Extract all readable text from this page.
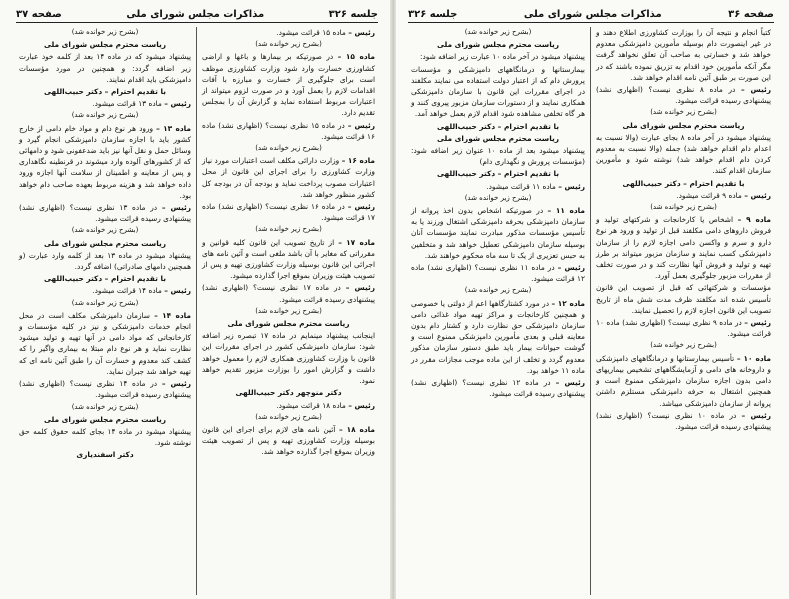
صفحه ۳۷	مذاکرات مجلس شورای ملی	جلسه ۳۲۶
رئیس – ماده ۱۵ قرائت میشود.
(بشرح زیر خوانده شد)
ماده ۱۵ – در صورتیکه بر بیمارها و باغها و اراضی کشاورزی خسارت وارد شود وزارت کشاورزی موظف است برای جلوگیری از خسارت و مبارزه با آفات اقدامات لازم را بعمل آورد و در صورت لزوم میتواند از اعتبارات مربوط استفاده نماید و گزارش آن را بمجلس تقدیم دارد.
رئیس – در ماده ۱۵ نظری نیست؟ (اظهاری نشد) ماده ۱۶ قرائت میشود.
(بشرح زیر خوانده شد)
ماده ۱۶ – وزارت دارائی مکلف است اعتبارات مورد نیاز وزارت کشاورزی را برای اجرای این قانون از محل اعتبارات مصوب پرداخت نماید و بودجه آن در بودجه کل کشور منظور خواهد شد.
رئیس – در ماده ۱۶ نظری نیست؟ (اظهاری نشد) ماده ۱۷ قرائت میشود.
(بشرح زیر خوانده شد)
ماده ۱۷ – از تاریخ تصویب این قانون کلیه قوانین و مقرراتی که مغایر با آن باشد ملغی است و آئین نامه های اجرائی این قانون بوسیله وزارت کشاورزی تهیه و پس از تصویب هیئت وزیران بموقع اجرا گذارده میشود.
رئیس – در ماده ۱۷ نظری نیست؟ (اظهاری نشد) پیشنهادی رسیده قرائت میشود.
(بشرح زیر خوانده شد)
ریاست محترم مجلس شورای ملی
اینجانب پیشنهاد مینمایم در ماده ۱۷ تبصره زیر اضافه شود: سازمان دامپزشکی کشور در اجرای مقررات این قانون با وزارت کشاورزی همکاری لازم را معمول خواهد داشت و گزارش امور را بوزارت مزبور تقدیم خواهد نمود.
دکتر منوچهر دکتر حبیب‌اللهی
رئیس – ماده ۱۸ قرائت میشود.
(بشرح زیر خوانده شد)
ماده ۱۸ – آئین نامه های لازم برای اجرای این قانون بوسیله وزارت کشاورزی تهیه و پس از تصویب هیئت وزیران بموقع اجرا گذارده خواهد شد.
(بشرح زیر خوانده شد)
ریاست محترم مجلس شورای ملی
پیشنهاد میشود که در ماده ۱۴ بعد از کلمه خود عبارت زیر اضافه گردد: و همچنین در مورد مؤسسات دامپزشکی باید اقدام نمایند.
با تقدیم احترام – دکتر حبیب‌اللهی
رئیس – ماده ۱۳ قرائت میشود.
(بشرح زیر خوانده شد)
ماده ۱۳ – ورود هر نوع دام و مواد خام دامی از خارج کشور باید با اجازه سازمان دامپزشکی انجام گیرد و وسائل حمل و نقل آنها نیز باید ضدعفونی شود و دامهائی که از کشورهای آلوده وارد میشوند در قرنطینه نگاهداری و پس از معاینه و اطمینان از سلامت آنها اجازه ورود داده خواهد شد و هزینه مربوط بعهده صاحب دام خواهد بود.
رئیس – در ماده ۱۳ نظری نیست؟ (اظهاری نشد) پیشنهادی رسیده قرائت میشود.
(بشرح زیر خوانده شد)
ریاست محترم مجلس شورای ملی
پیشنهاد میشود در ماده ۱۳ بعد از کلمه وارد عبارت (و همچنین دامهای صادراتی) اضافه گردد.
با تقدیم احترام – دکتر حبیب‌اللهی
رئیس – ماده ۱۴ قرائت میشود.
(بشرح زیر خوانده شد)
ماده ۱۴ – سازمان دامپزشکی مکلف است در محل انجام خدمات دامپزشکی و نیز در کلیه مؤسسات و کارخانجاتی که مواد دامی در آنها تهیه و تولید میشود نظارت نماید و هر نوع دام مبتلا به بیماری واگیر را که کشف کند معدوم و خسارت آن را طبق آئین نامه ای که تهیه خواهد شد جبران نماید.
رئیس – در ماده ۱۴ نظری نیست؟ (اظهاری نشد) پیشنهادی رسیده قرائت میشود.
(بشرح زیر خوانده شد)
ریاست محترم مجلس شورای ملی
پیشنهاد میشود در ماده ۱۴ بجای کلمه حقوق کلمه حق نوشته شود.
دکتر اسفندیاری
جلسه ۳۲۶	مذاکرات مجلس شورای ملی	صفحه ۳۶
کتباً انجام و نتیجه آن را بوزارت کشاورزی اطلاع دهند و در غیر اینصورت دام بوسیله مأمورین دامپزشکی معدوم خواهد شد و خسارتی به صاحب آن تعلق نخواهد گرفت مگر آنکه مأمورین خود اقدام به تزریق نموده باشند که در این صورت بر طبق آئین نامه اقدام خواهد شد.
رئیس – در ماده ۸ نظری نیست؟ (اظهاری نشد) پیشنهادی رسیده قرائت میشود.
(بشرح زیر خوانده شد)
ریاست محترم مجلس شورای ملی
پیشنهاد میشود در آخر ماده ۸ بجای عبارت (والا نسبت به اعدام دام اقدام خواهد شد) جمله (والا نسبت به معدوم کردن دام اقدام خواهد شد) نوشته شود و مأمورین سازمان اقدام کنند.
با تقدیم احترام – دکتر حبیب‌اللهی
رئیس – ماده ۹ قرائت میشود.
(بشرح زیر خوانده شد)
ماده ۹ – اشخاص یا کارخانجات و شرکتهای تولید و فروش داروهای دامی مکلفند قبل از تولید و ورود هر نوع دارو و سرم و واکسن دامی اجازه لازم را از سازمان دامپزشکی کسب نمایند و سازمان مزبور میتواند بر طرز تهیه و تولید و فروش آنها نظارت کند و در صورت تخلف از مقررات مزبور جلوگیری بعمل آورد.
مؤسسات و شرکتهائی که قبل از تصویب این قانون تأسیس شده اند مکلفند ظرف مدت شش ماه از تاریخ تصویب این قانون اجازه لازم را تحصیل نمایند.
رئیس – در ماده ۹ نظری نیست؟ (اظهاری نشد) ماده ۱۰ قرائت میشود.
(بشرح زیر خوانده شد)
ماده ۱۰ – تأسیس بیمارستانها و درمانگاههای دامپزشکی و داروخانه های دامی و آزمایشگاههای تشخیص بیماریهای دامی بدون اجازه سازمان دامپزشکی ممنوع است و همچنین اشتغال به حرفه دامپزشکی مستلزم داشتن پروانه از سازمان دامپزشکی میباشد.
رئیس – در ماده ۱۰ نظری نیست؟ (اظهاری نشد) پیشنهادی رسیده قرائت میشود.
(بشرح زیر خوانده شد)
ریاست محترم مجلس شورای ملی
پیشنهاد میشود در آخر ماده ۱۰ عبارت زیر اضافه شود:
بیمارستانها و درمانگاههای دامپزشکی و مؤسسات پرورش دام که از اعتبار دولت استفاده می نمایند مکلفند در اجرای مقررات این قانون با سازمان دامپزشکی همکاری نمایند و از دستورات سازمان مزبور پیروی کنند و هر گاه تخلفی مشاهده شود اقدام لازم بعمل خواهد آمد.
با تقدیم احترام – دکتر حبیب‌اللهی
ریاست محترم مجلس شورای ملی
پیشنهاد میشود بعد از ماده ۱۰ عنوان زیر اضافه شود: (مؤسسات پرورش و نگهداری دام)
با تقدیم احترام – دکتر حبیب‌اللهی
رئیس – ماده ۱۱ قرائت میشود.
(بشرح زیر خوانده شد)
ماده ۱۱ – در صورتیکه اشخاص بدون اخذ پروانه از سازمان دامپزشکی بحرفه دامپزشکی اشتغال ورزند یا به تأسیس مؤسسات مذکور مبادرت نمایند مؤسسات آنان بوسیله سازمان دامپزشکی تعطیل خواهد شد و متخلفین به حبس تعزیری از یک تا سه ماه محکوم خواهند شد.
رئیس – در ماده ۱۱ نظری نیست؟ (اظهاری نشد) ماده ۱۲ قرائت میشود.
(بشرح زیر خوانده شد)
ماده ۱۲ – در مورد کشتارگاهها اعم از دولتی یا خصوصی و همچنین کارخانجات و مراکز تهیه مواد غذائی دامی سازمان دامپزشکی حق نظارت دارد و کشتار دام بدون معاینه قبلی و بعدی مأمورین دامپزشکی ممنوع است و گوشت حیوانات بیمار باید طبق دستور سازمان مذکور معدوم گردد و تخلف از این ماده موجب مجازات مقرر در ماده ۱۱ خواهد بود.
رئیس – در ماده ۱۲ نظری نیست؟ (اظهاری نشد) پیشنهادی رسیده قرائت میشود.
